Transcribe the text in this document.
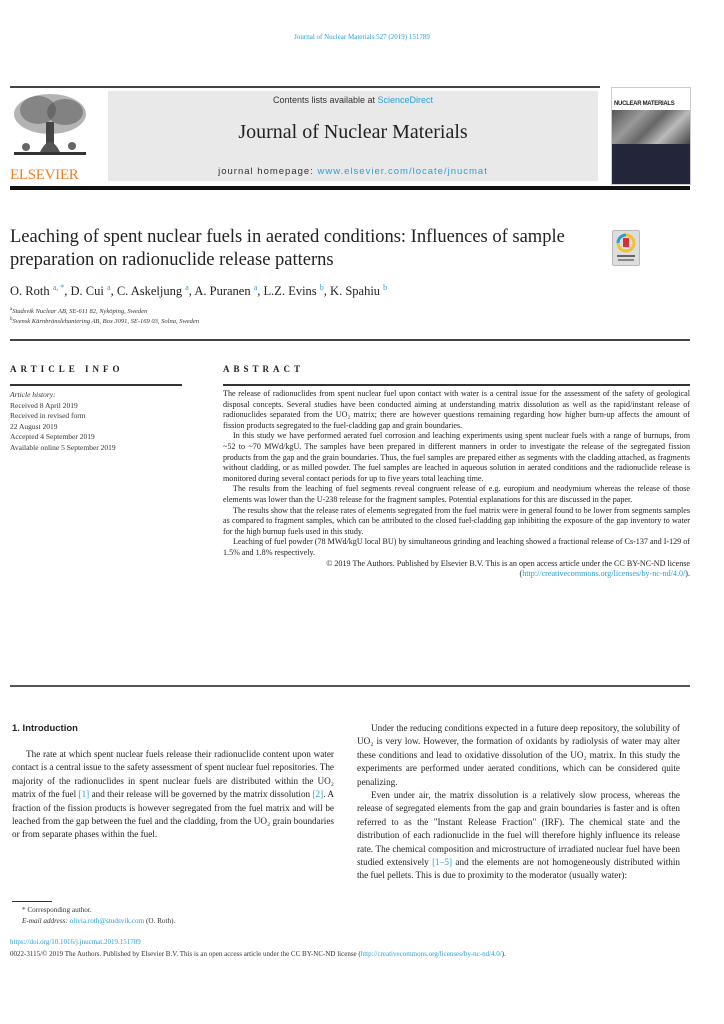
Journal of Nuclear Materials 527 (2019) 151789
ELSEVIER
Contents lists available at ScienceDirect
Journal of Nuclear Materials
journal homepage: www.elsevier.com/locate/jnucmat
NUCLEAR MATERIALS
Leaching of spent nuclear fuels in aerated conditions: Influences of sample preparation on radionuclide release patterns
O. Roth $^{a, *}$, D. Cui $^a$, C. Askeljung $^a$, A. Puranen $^a$, L.Z. Evins $^b$, K. Spahiu $^b$
$^a$Studsvik Nuclear AB, SE-611 82, Nyköping, Sweden
$^b$Svensk Kärnbränslehantering AB, Box 3091, SE-169 03, Solna, Sweden
ARTICLE INFO
Article history:
Received 8 April 2019
Received in revised form
22 August 2019
Accepted 4 September 2019
Available online 5 September 2019
ABSTRACT

The release of radionuclides from spent nuclear fuel upon contact with water is a central issue for the assessment of the safety of geological disposal concepts. Several studies have been conducted aiming at understanding matrix dissolution as well as the rapid/instant release of radionuclides separated from the UO₂ matrix; there are however questions remaining regarding how higher burn-up affects the amount of fission products segregated to the fuel-cladding gap and grain boundaries.

In this study we have performed aerated fuel corrosion and leaching experiments using spent nuclear fuels with a range of burnups, from ~52 to ~70 MWd/kgU. The samples have been prepared in different manners in order to investigate the release of the segregated fission products from the gap and the grain boundaries. Thus, the fuel samples are prepared either as segments with the cladding attached, as fragments without cladding, or as milled powder. The fuel samples are leached in aqueous solution in aerated conditions and the radionuclide release is monitored during several contact periods for up to five years total leaching time.

The results from the leaching of fuel segments reveal congruent release of e.g. europium and neodymium whereas the release of those elements was lower than the U-238 release for the fragment samples. Potential explanations for this are discussed in the paper.

The results show that the release rates of elements segregated from the fuel matrix were in general found to be lower from segments samples as compared to fragment samples, which can be attributed to the closed fuel-cladding gap inhibiting the exposure of the gap inventory to water for the high burnup fuels used in this study.

Leaching of fuel powder (78 MWd/kgU local BU) by simultaneous grinding and leaching showed a fractional release of Cs-137 and I-129 of 1.5% and 1.8% respectively.

© 2019 The Authors. Published by Elsevier B.V. This is an open access article under the CC BY-NC-ND license (http://creativecommons.org/licenses/by-nc-nd/4.0/).

1. Introduction

The rate at which spent nuclear fuels release their radionuclide content upon water contact is a central issue to the safety assessment of spent nuclear fuel repositories. The majority of the radionuclides in spent nuclear fuels are distributed within the UO₂ matrix of the fuel [1] and their release will be governed by the matrix dissolution [2]. A fraction of the fission products is however segregated from the fuel matrix and will be leached from the gap between the fuel and the cladding, from the UO₂ grain boundaries or from separate phases within the fuel.

Under the reducing conditions expected in a future deep repository, the solubility of UO₂ is very low. However, the formation of oxidants by radiolysis of water may alter these conditions and lead to oxidative dissolution of the UO₂ matrix. In this study the experiments are performed under aerated conditions, which can be considered quite penalizing.

Even under air, the matrix dissolution is a relatively slow process, whereas the release of segregated elements from the gap and grain boundaries is faster and is often referred to as the "Instant Release Fraction" (IRF). The chemical state and the distribution of each radionuclide in the fuel will therefore highly influence its release rate. The chemical composition and microstructure of irradiated nuclear fuel have been studied extensively [1–5] and the elements are not homogeneously distributed within the fuel pellets. This is due to proximity to the moderator (usually water):

* Corresponding author.
E-mail address: olivia.roth@studsvik.com (O. Roth).
https://doi.org/10.1016/j.jnucmat.2019.151789
0022-3115/© 2019 The Authors. Published by Elsevier B.V. This is an open access article under the CC BY-NC-ND license (http://creativecommons.org/licenses/by-nc-nd/4.0/).
